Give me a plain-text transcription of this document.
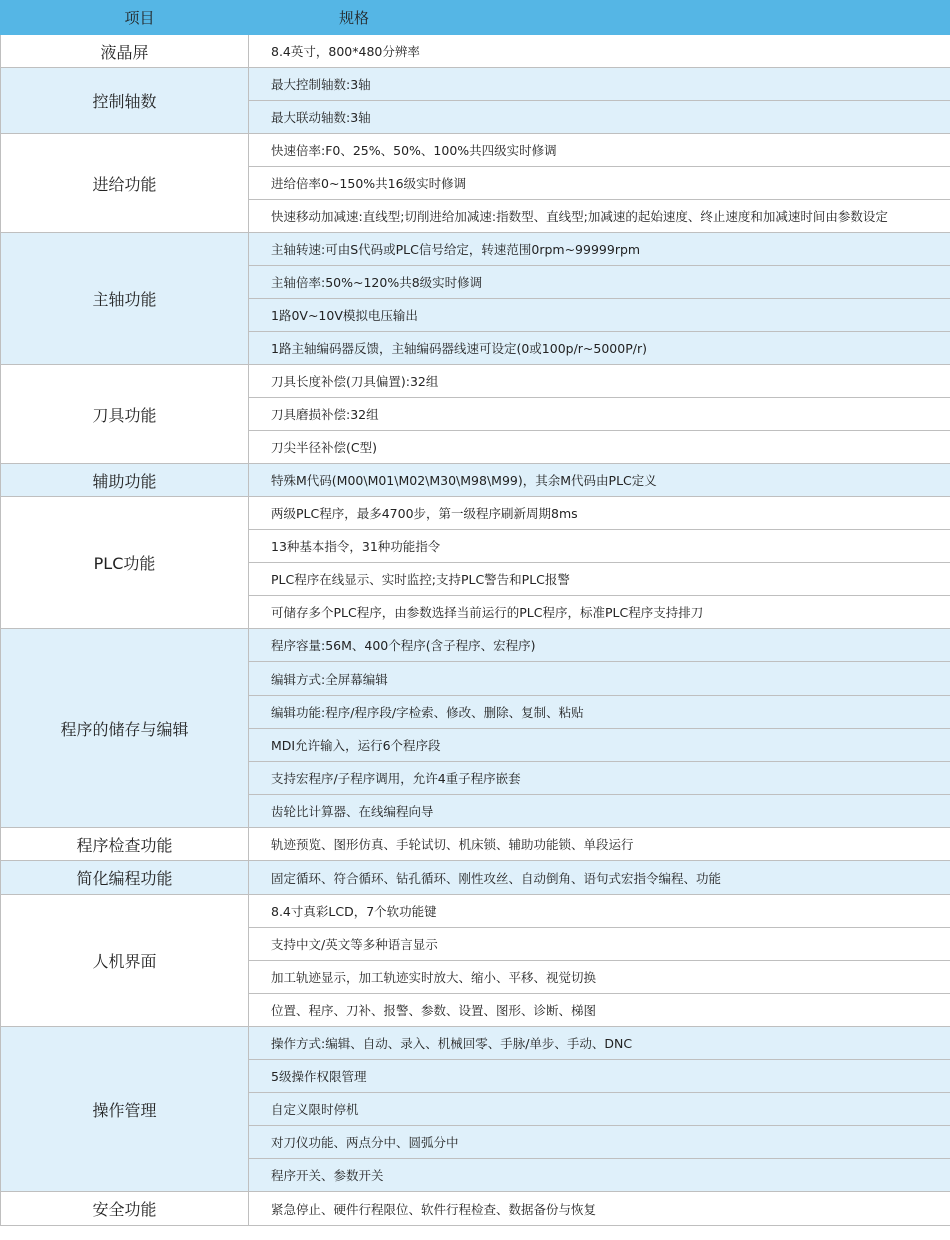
项目	规格
液晶屏	8.4英寸，800*480分辨率
控制轴数	最大控制轴数:3轴
	最大联动轴数:3轴
进给功能	快速倍率:F0、25%、50%、100%共四级实时修调
	进给倍率0~150%共16级实时修调
	快速移动加减速:直线型;切削进给加减速:指数型、直线型;加减速的起始速度、终止速度和加减速时间由参数设定
主轴功能	主轴转速:可由S代码或PLC信号给定，转速范围0rpm~99999rpm
	主轴倍率:50%~120%共8级实时修调
	1路0V~10V模拟电压输出
	1路主轴编码器反馈，主轴编码器线速可设定(0或100p/r~5000P/r)
刀具功能	刀具长度补偿(刀具偏置):32组
	刀具磨损补偿:32组
	刀尖半径补偿(C型)
辅助功能	特殊M代码(M00\M01\M02\M30\M98\M99)，其余M代码由PLC定义
PLC功能	两级PLC程序，最多4700步，第一级程序刷新周期8ms
	13种基本指令，31种功能指令
	PLC程序在线显示、实时监控;支持PLC警告和PLC报警
	可储存多个PLC程序，由参数选择当前运行的PLC程序，标准PLC程序支持排刀
程序的储存与编辑	程序容量:56M、400个程序(含子程序、宏程序)
	编辑方式:全屏幕编辑
	编辑功能:程序/程序段/字检索、修改、删除、复制、粘贴
	MDI允许输入，运行6个程序段
	支持宏程序/子程序调用，允许4重子程序嵌套
	齿轮比计算器、在线编程向导
程序检查功能	轨迹预览、图形仿真、手轮试切、机床锁、辅助功能锁、单段运行
简化编程功能	固定循环、符合循环、钻孔循环、刚性攻丝、自动倒角、语句式宏指令编程、功能
人机界面	8.4寸真彩LCD，7个软功能键
	支持中文/英文等多种语言显示
	加工轨迹显示，加工轨迹实时放大、缩小、平移、视觉切换
	位置、程序、刀补、报警、参数、设置、图形、诊断、梯图
操作管理	操作方式:编辑、自动、录入、机械回零、手脉/单步、手动、DNC
	5级操作权限管理
	自定义限时停机
	对刀仪功能、两点分中、圆弧分中
	程序开关、参数开关
安全功能	紧急停止、硬件行程限位、软件行程检查、数据备份与恢复
